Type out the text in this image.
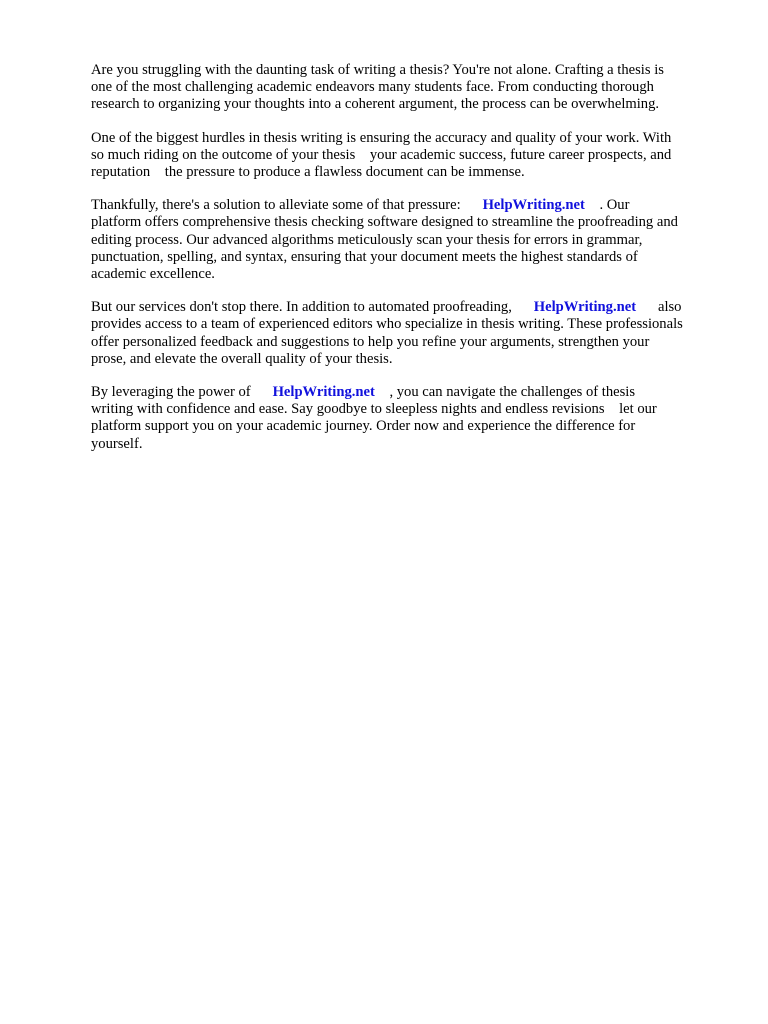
Are you struggling with the daunting task of writing a thesis? You're not alone. Crafting a thesis is
one of the most challenging academic endeavors many students face. From conducting thorough
research to organizing your thoughts into a coherent argument, the process can be overwhelming.

One of the biggest hurdles in thesis writing is ensuring the accuracy and quality of your work. With
so much riding on the outcome of your thesis    your academic success, future career prospects, and
reputation    the pressure to produce a flawless document can be immense.

Thankfully, there's a solution to alleviate some of that pressure:      HelpWriting.net    . Our
platform offers comprehensive thesis checking software designed to streamline the proofreading and
editing process. Our advanced algorithms meticulously scan your thesis for errors in grammar,
punctuation, spelling, and syntax, ensuring that your document meets the highest standards of
academic excellence.

But our services don't stop there. In addition to automated proofreading,      HelpWriting.net      also
provides access to a team of experienced editors who specialize in thesis writing. These professionals
offer personalized feedback and suggestions to help you refine your arguments, strengthen your
prose, and elevate the overall quality of your thesis.

By leveraging the power of      HelpWriting.net    , you can navigate the challenges of thesis
writing with confidence and ease. Say goodbye to sleepless nights and endless revisions    let our
platform support you on your academic journey. Order now and experience the difference for
yourself.
